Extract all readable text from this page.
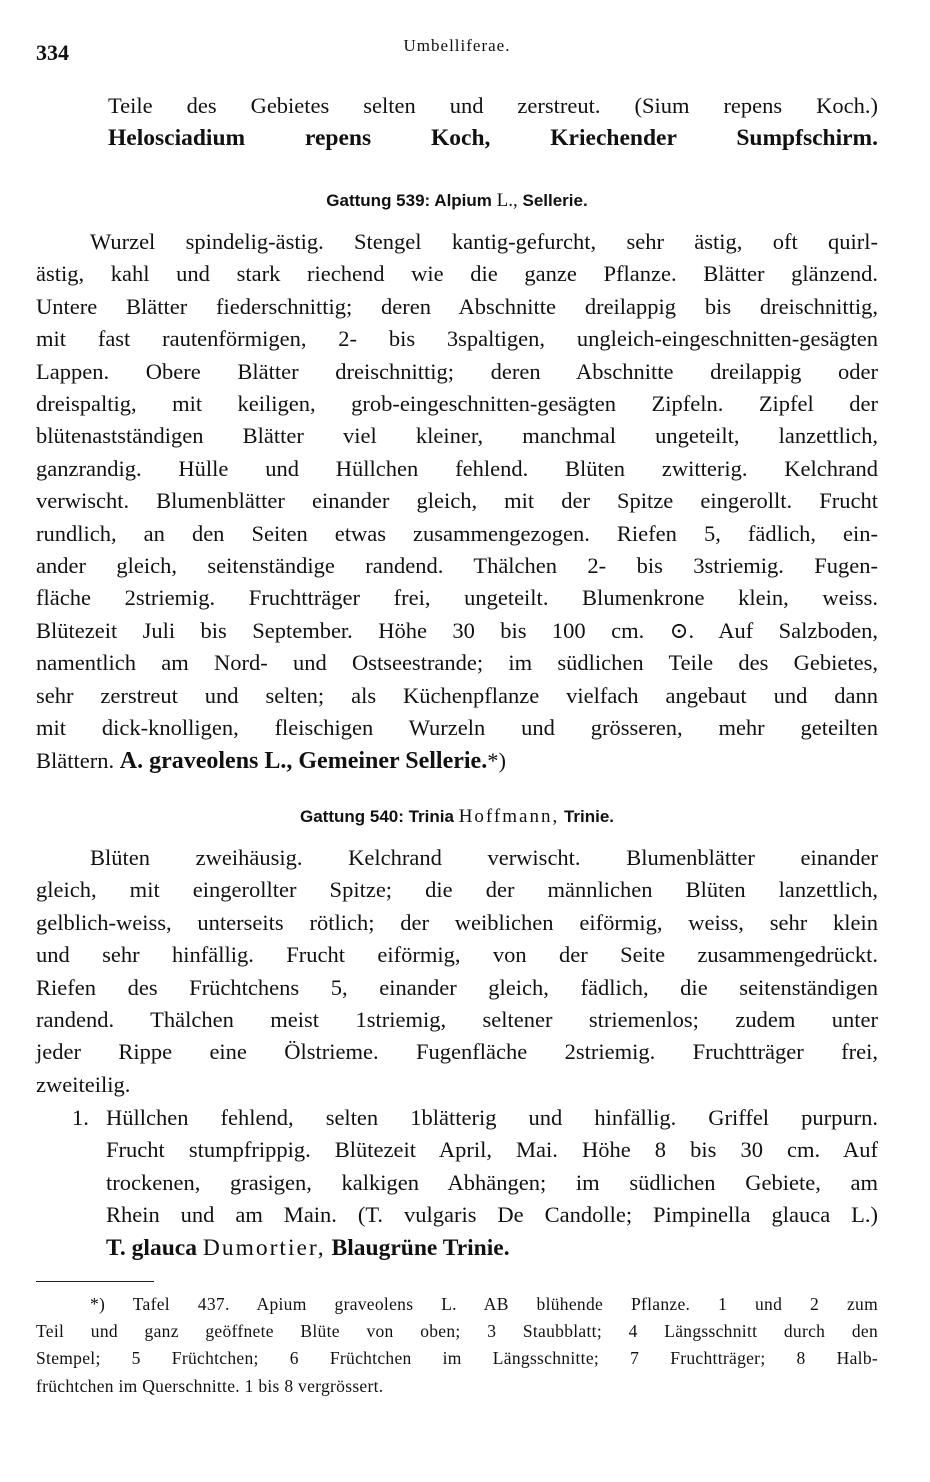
334	Umbelliferae.
Teile des Gebietes selten und zerstreut. (Sium repens Koch.)
Helosciadium repens Koch, Kriechender Sumpfschirm.
Gattung 539: Alpium L., Sellerie.
Wurzel spindelig-ästig. Stengel kantig-gefurcht, sehr ästig, oft quirl-
ästig, kahl und stark riechend wie die ganze Pflanze. Blätter glänzend.
Untere Blätter fiederschnittig; deren Abschnitte dreilappig bis dreischnittig,
mit fast rautenförmigen, 2- bis 3spaltigen, ungleich-eingeschnitten-gesägten
Lappen. Obere Blätter dreischnittig; deren Abschnitte dreilappig oder
dreispaltig, mit keiligen, grob-eingeschnitten-gesägten Zipfeln. Zipfel der
blütenastständigen Blätter viel kleiner, manchmal ungeteilt, lanzettlich,
ganzrandig. Hülle und Hüllchen fehlend. Blüten zwitterig. Kelchrand
verwischt. Blumenblätter einander gleich, mit der Spitze eingerollt. Frucht
rundlich, an den Seiten etwas zusammengezogen. Riefen 5, fädlich, ein-
ander gleich, seitenständige randend. Thälchen 2- bis 3striemig. Fugen-
fläche 2striemig. Fruchtträger frei, ungeteilt. Blumenkrone klein, weiss.
Blütezeit Juli bis September. Höhe 30 bis 100 cm. ⊙. Auf Salzboden,
namentlich am Nord- und Ostseestrande; im südlichen Teile des Gebietes,
sehr zerstreut und selten; als Küchenpflanze vielfach angebaut und dann
mit dick-knolligen, fleischigen Wurzeln und grösseren, mehr geteilten
Blättern. A. graveolens L., Gemeiner Sellerie.*)
Gattung 540: Trinia Hoffmann, Trinie.
Blüten zweihäusig. Kelchrand verwischt. Blumenblätter einander
gleich, mit eingerollter Spitze; die der männlichen Blüten lanzettlich,
gelblich-weiss, unterseits rötlich; der weiblichen eiförmig, weiss, sehr klein
und sehr hinfällig. Frucht eiförmig, von der Seite zusammengedrückt.
Riefen des Früchtchens 5, einander gleich, fädlich, die seitenständigen
randend. Thälchen meist 1striemig, seltener striemenlos; zudem unter
jeder Rippe eine Ölstrieme. Fugenfläche 2striemig. Fruchtträger frei,
zweiteilig.
1. Hüllchen fehlend, selten 1blätterig und hinfällig. Griffel purpurn.
Frucht stumpfrippig. Blütezeit April, Mai. Höhe 8 bis 30 cm. Auf
trockenen, grasigen, kalkigen Abhängen; im südlichen Gebiete, am
Rhein und am Main. (T. vulgaris De Candolle; Pimpinella glauca L.)
T. glauca Dumortier, Blaugrüne Trinie.
*) Tafel 437. Apium graveolens L. AB blühende Pflanze. 1 und 2 zum
Teil und ganz geöffnete Blüte von oben; 3 Staubblatt; 4 Längsschnitt durch den
Stempel; 5 Früchtchen; 6 Früchtchen im Längsschnitte; 7 Fruchtträger; 8 Halb-
früchtchen im Querschnitte. 1 bis 8 vergrössert.
